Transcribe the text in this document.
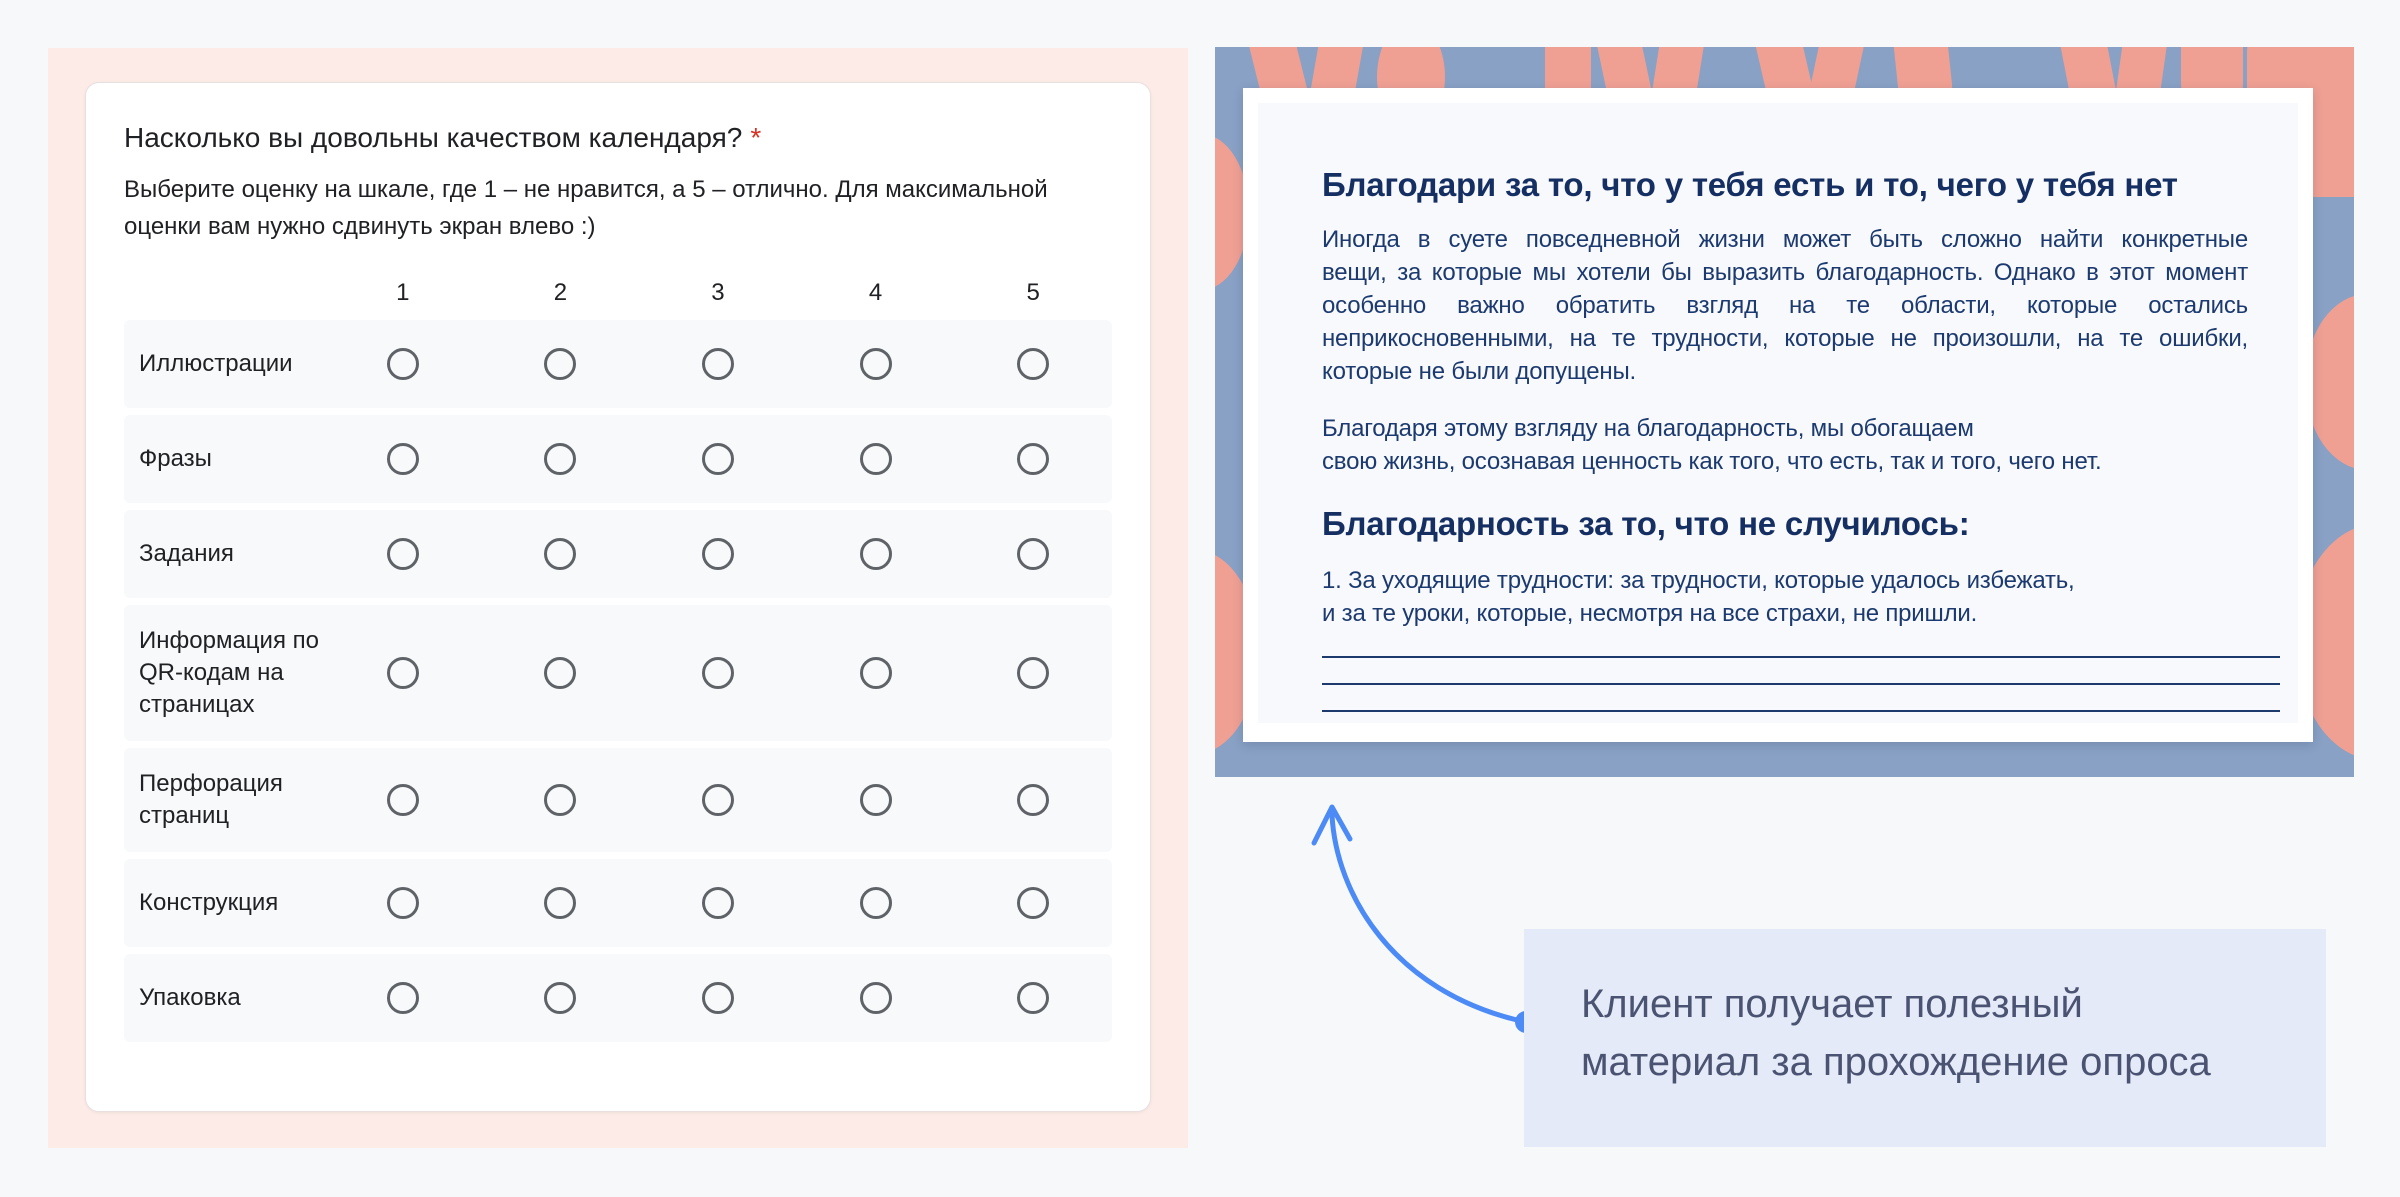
Насколько вы довольны качеством календаря? *
Выберите оценку на шкале, где 1 – не нравится, а 5 – отлично. Для максимальной оценки вам нужно сдвинуть экран влево :)
1	2	3	4	5
Иллюстрации
Фразы
Задания
Информация по QR-кодам на страницах
Перфорация страниц
Конструкция
Упаковка
Благодари за то, что у тебя есть и то, чего у тебя нет
Иногда в суете повседневной жизни может быть сложно найти конкретные
вещи, за которые мы хотели бы выразить благодарность. Однако в этот момент
особенно важно обратить взгляд на те области, которые остались
неприкосновенными, на те трудности, которые не произошли, на те ошибки,
которые не были допущены.
Благодаря этому взгляду на благодарность, мы обогащаем
свою жизнь, осознавая ценность как того, что есть, так и того, чего нет.
Благодарность за то, что не случилось:
1. За уходящие трудности: за трудности, которые удалось избежать,
и за те уроки, которые, несмотря на все страхи, не пришли.
Клиент получает полезный
материал за прохождение опроса
